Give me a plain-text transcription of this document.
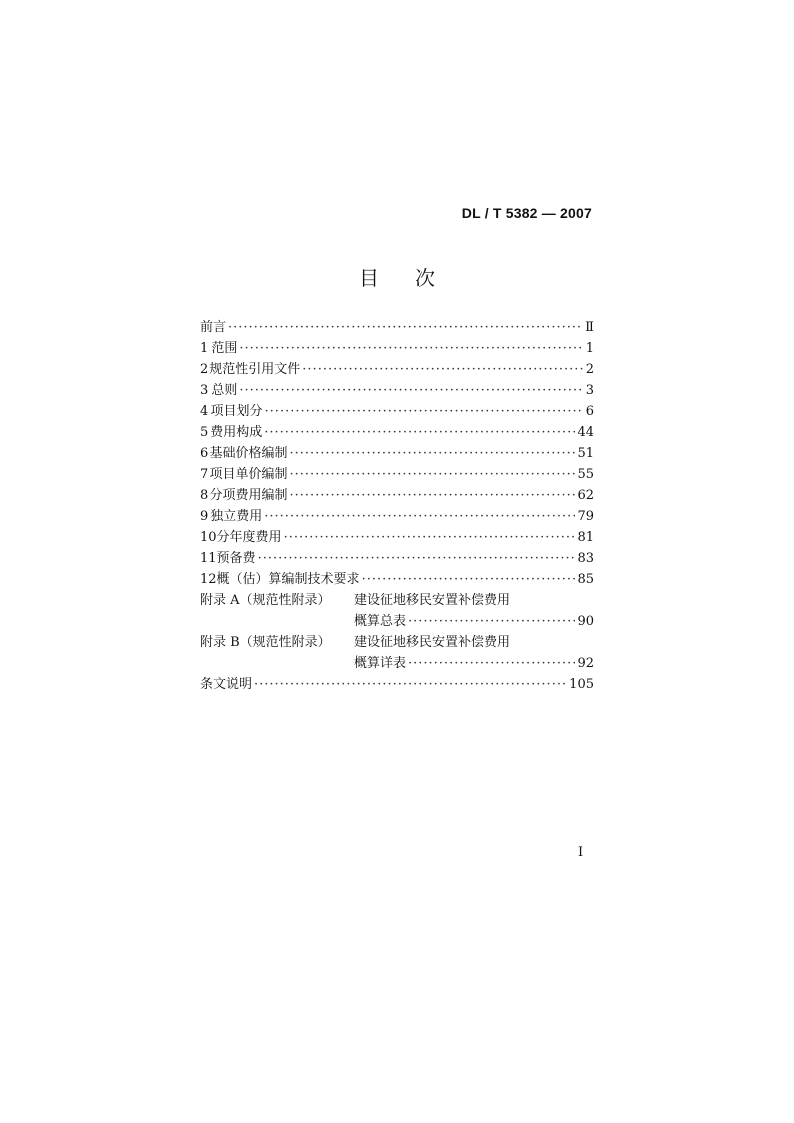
DL / T 5382 — 2007
目 次
前言 ·····	Ⅱ
1 范围 ·····	1
2 规范性引用文件 ·····	2
3 总则 ·····	3
4 项目划分 ·····	6
5 费用构成 ·····	44
6 基础价格编制 ·····	51
7 项目单价编制 ·····	55
8 分项费用编制 ·····	62
9 独立费用 ·····	79
10 分年度费用 ·····	81
11 预备费 ·····	83
12 概（估）算编制技术要求 ·····	85
附录 A（规范性附录）	建设征地移民安置补偿费用
概算总表 ·····	90
附录 B（规范性附录）	建设征地移民安置补偿费用
概算详表 ·····	92
条文说明 ·····	105
I
